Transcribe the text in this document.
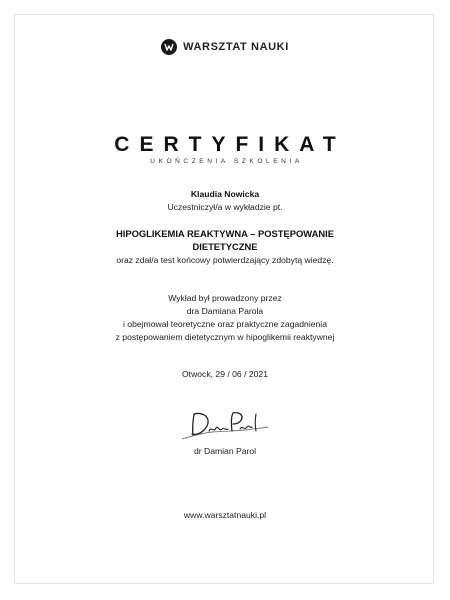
WARSZTAT NAUKI
CERTYFIKAT
UKOŃCZENIA SZKOLENIA
Klaudia Nowicka
Uczestniczył/a w wykładzie pt.
HIPOGLIKEMIA REAKTYWNA – POSTĘPOWANIE
DIETETYCZNE
oraz zdał/a test końcowy potwierdzający zdobytą wiedzę.
Wykład był prowadzony przez
dra Damiana Parola
i obejmował teoretyczne oraz praktyczne zagadnienia
z postępowaniem dietetycznym w hipoglikemii reaktywnej
Otwock, 29 / 06 / 2021
dr Damian Parol
www.warsztatnauki.pl
